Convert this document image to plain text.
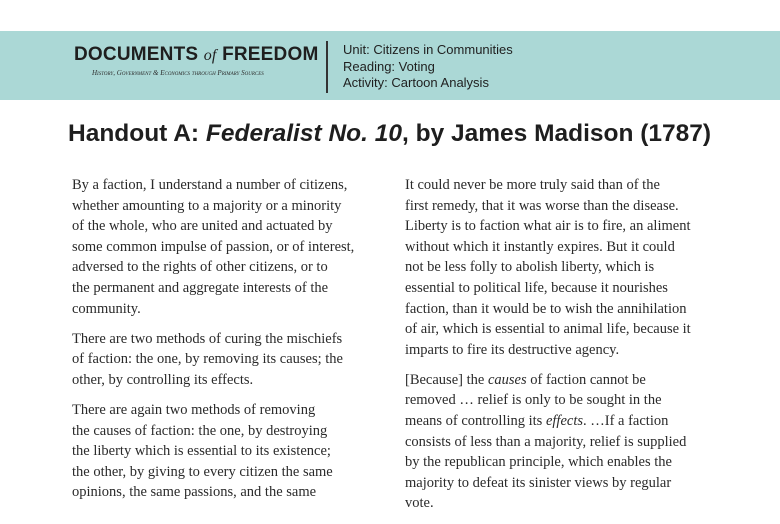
DOCUMENTS of FREEDOM
History, Government & Economics through Primary Sources
Unit: Citizens in Communities
Reading: Voting
Activity: Cartoon Analysis
Handout A: Federalist No. 10, by James Madison (1787)
By a faction, I understand a number of citizens,
whether amounting to a majority or a minority
of the whole, who are united and actuated by
some common impulse of passion, or of interest,
adversed to the rights of other citizens, or to
the permanent and aggregate interests of the
community.
There are two methods of curing the mischiefs
of faction: the one, by removing its causes; the
other, by controlling its effects.
There are again two methods of removing
the causes of faction: the one, by destroying
the liberty which is essential to its existence;
the other, by giving to every citizen the same
opinions, the same passions, and the same
It could never be more truly said than of the
first remedy, that it was worse than the disease.
Liberty is to faction what air is to fire, an aliment
without which it instantly expires. But it could
not be less folly to abolish liberty, which is
essential to political life, because it nourishes
faction, than it would be to wish the annihilation
of air, which is essential to animal life, because it
imparts to fire its destructive agency.
[Because] the causes of faction cannot be
removed … relief is only to be sought in the
means of controlling its effects. …If a faction
consists of less than a majority, relief is supplied
by the republican principle, which enables the
majority to defeat its sinister views by regular
vote.
